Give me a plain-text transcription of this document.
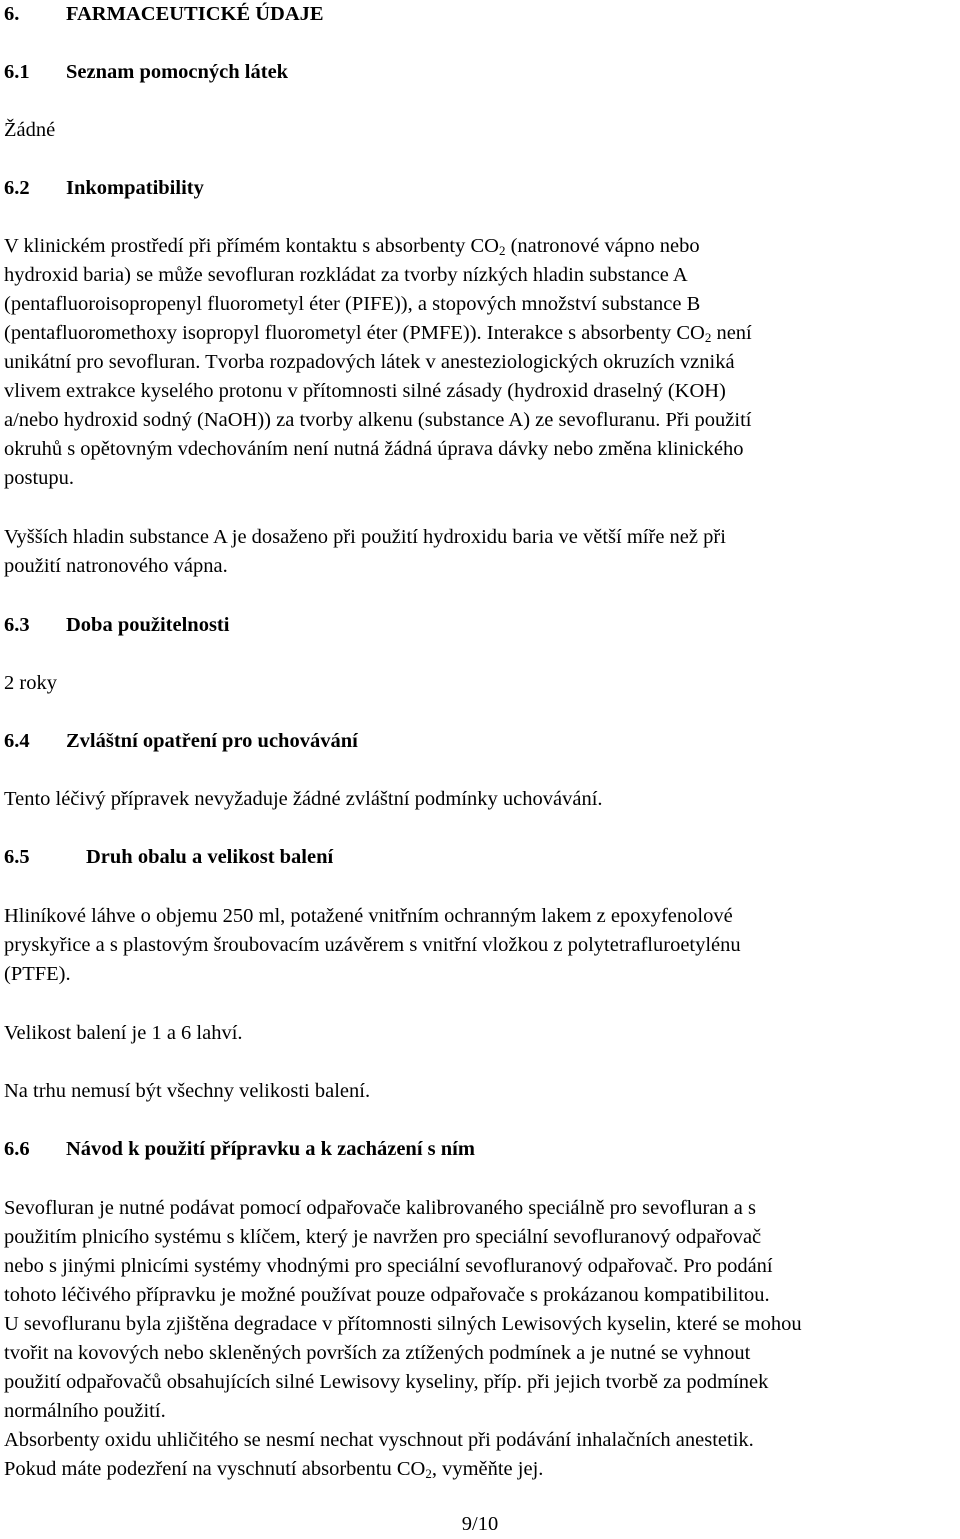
6. FARMACEUTICKÉ ÚDAJE
6.1 Seznam pomocných látek
Žádné
6.2 Inkompatibility
V klinickém prostředí při přímém kontaktu s absorbenty $CO_2$ (natronové vápno nebo
hydroxid baria) se může sevofluran rozkládat za tvorby nízkých hladin substance A
(pentafluoroisopropenyl fluorometyl éter (PIFE)), a stopových množství substance B
(pentafluoromethoxy isopropyl fluorometyl éter (PMFE)). Interakce s absorbenty $CO_2$ není
unikátní pro sevofluran. Tvorba rozpadových látek v anesteziologických okruzích vzniká
vlivem extrakce kyselého protonu v přítomnosti silné zásady (hydroxid draselný (KOH)
a/nebo hydroxid sodný (NaOH)) za tvorby alkenu (substance A) ze sevofluranu. Při použití
okruhů s opětovným vdechováním není nutná žádná úprava dávky nebo změna klinického
postupu.
Vyšších hladin substance A je dosaženo při použití hydroxidu baria ve větší míře než při
použití natronového vápna.
6.3 Doba použitelnosti
2 roky
6.4 Zvláštní opatření pro uchovávání
Tento léčivý přípravek nevyžaduje žádné zvláštní podmínky uchovávání.
6.5	Druh obalu a velikost balení
Hliníkové láhve o objemu 250 ml, potažené vnitřním ochranným lakem z epoxyfenolové
pryskyřice a s plastovým šroubovacím uzávěrem s vnitřní vložkou z polytetrafluroetylénu
(PTFE).
Velikost balení je 1 a 6 lahví.
Na trhu nemusí být všechny velikosti balení.
6.6 Návod k použití přípravku a k zacházení s ním
Sevofluran je nutné podávat pomocí odpařovače kalibrovaného speciálně pro sevofluran a s
použitím plnicího systému s klíčem, který je navržen pro speciální sevofluranový odpařovač
nebo s jinými plnicími systémy vhodnými pro speciální sevofluranový odpařovač. Pro podání
tohoto léčivého přípravku je možné používat pouze odpařovače s prokázanou kompatibilitou.
U sevofluranu byla zjištěna degradace v přítomnosti silných Lewisových kyselin, které se mohou
tvořit na kovových nebo skleněných površích za ztížených podmínek a je nutné se vyhnout
použití odpařovačů obsahujících silné Lewisovy kyseliny, příp. při jejich tvorbě za podmínek
normálního použití.
Absorbenty oxidu uhličitého se nesmí nechat vyschnout při podávání inhalačních anestetik.
Pokud máte podezření na vyschnutí absorbentu $CO_2$, vyměňte jej.
9/10
